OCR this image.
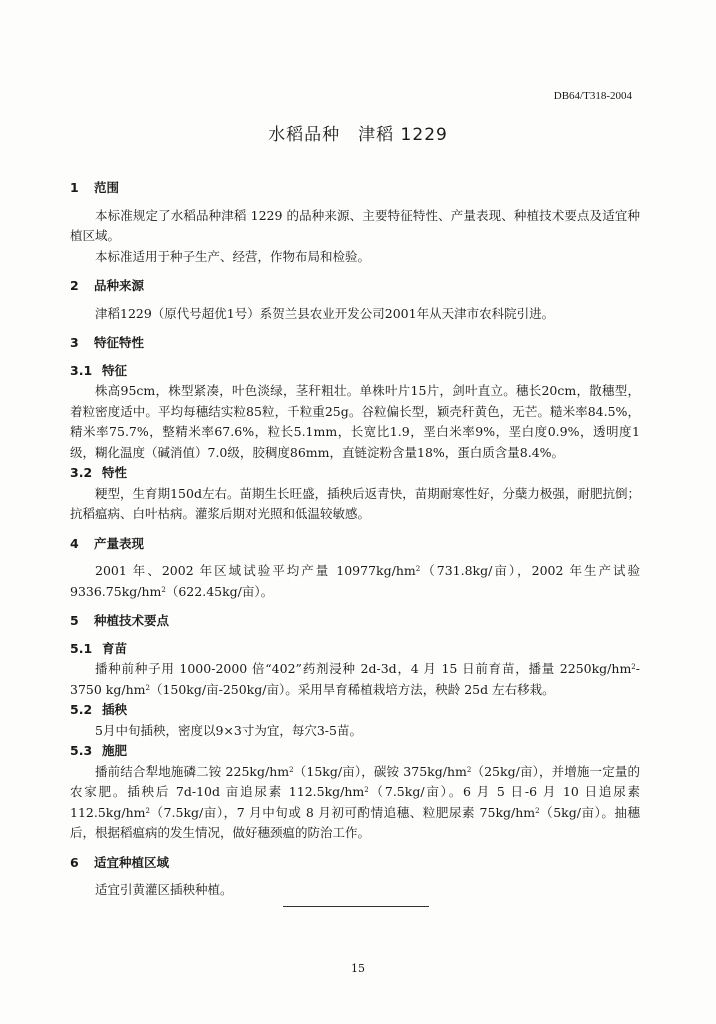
DB64/T318-2004
水稻品种　津稻 1229
1 范围

本标准规定了水稻品种津稻 1229 的品种来源、主要特征特性、产量表现、种植技术要点及适宜种植区域。

本标准适用于种子生产、经营，作物布局和检验。

2 品种来源

津稻1229（原代号超优1号）系贺兰县农业开发公司2001年从天津市农科院引进。

3 特征特性
3.1 特征

株高95cm，株型紧凑，叶色淡绿，茎秆粗壮。单株叶片15片，剑叶直立。穗长20cm，散穗型，着粒密度适中。平均每穗结实粒85粒，千粒重25g。谷粒偏长型，颖壳秆黄色，无芒。糙米率84.5%，精米率75.7%，整精米率67.6%，粒长5.1mm，长宽比1.9，垩白米率9%，垩白度0.9%，透明度1级，糊化温度（碱消值）7.0级，胶稠度86mm，直链淀粉含量18%，蛋白质含量8.4%。

3.2 特性

粳型，生育期150d左右。苗期生长旺盛，插秧后返青快，苗期耐寒性好，分蘖力极强，耐肥抗倒；抗稻瘟病、白叶枯病。灌浆后期对光照和低温较敏感。

4 产量表现

2001 年、2002 年区域试验平均产量 $10977kg/hm^2(731.8kg/$亩），2002 年生产试验 $9336.75kg/hm^2(622.45kg/$亩）。

5 种植技术要点
5.1 育苗

播种前种子用 1000-2000 倍“402”药剂浸种 2d-3d，4 月 15 日前育苗，播量 $2250kg/hm^2-3750$ $kg/hm^2(150kg/$亩-250kg/亩）。采用旱育稀植栽培方法，秧龄 25d 左右移栽。

5.2 插秧

5月中旬插秧，密度以9×3寸为宜，每穴3-5苗。

5.3 施肥

播前结合犁地施磷二铵 $225kg/hm^2(15kg/$亩），碳铵 $375kg/hm^2(25kg/$亩），并增施一定量的农家肥。插秧后 7d-10d 亩追尿素 $112.5kg/hm^2(7.5kg/$亩）。6 月 5 日-6 月 10 日追尿素 $112.5kg/hm^2(7.5kg/$亩），7 月中旬或 8 月初可酌情追穗、粒肥尿素 $75kg/hm^2(5kg/$亩）。抽穗后，根据稻瘟病的发生情况，做好穗颈瘟的防治工作。

6 适宜种植区域

适宜引黄灌区插秧种植。

15
